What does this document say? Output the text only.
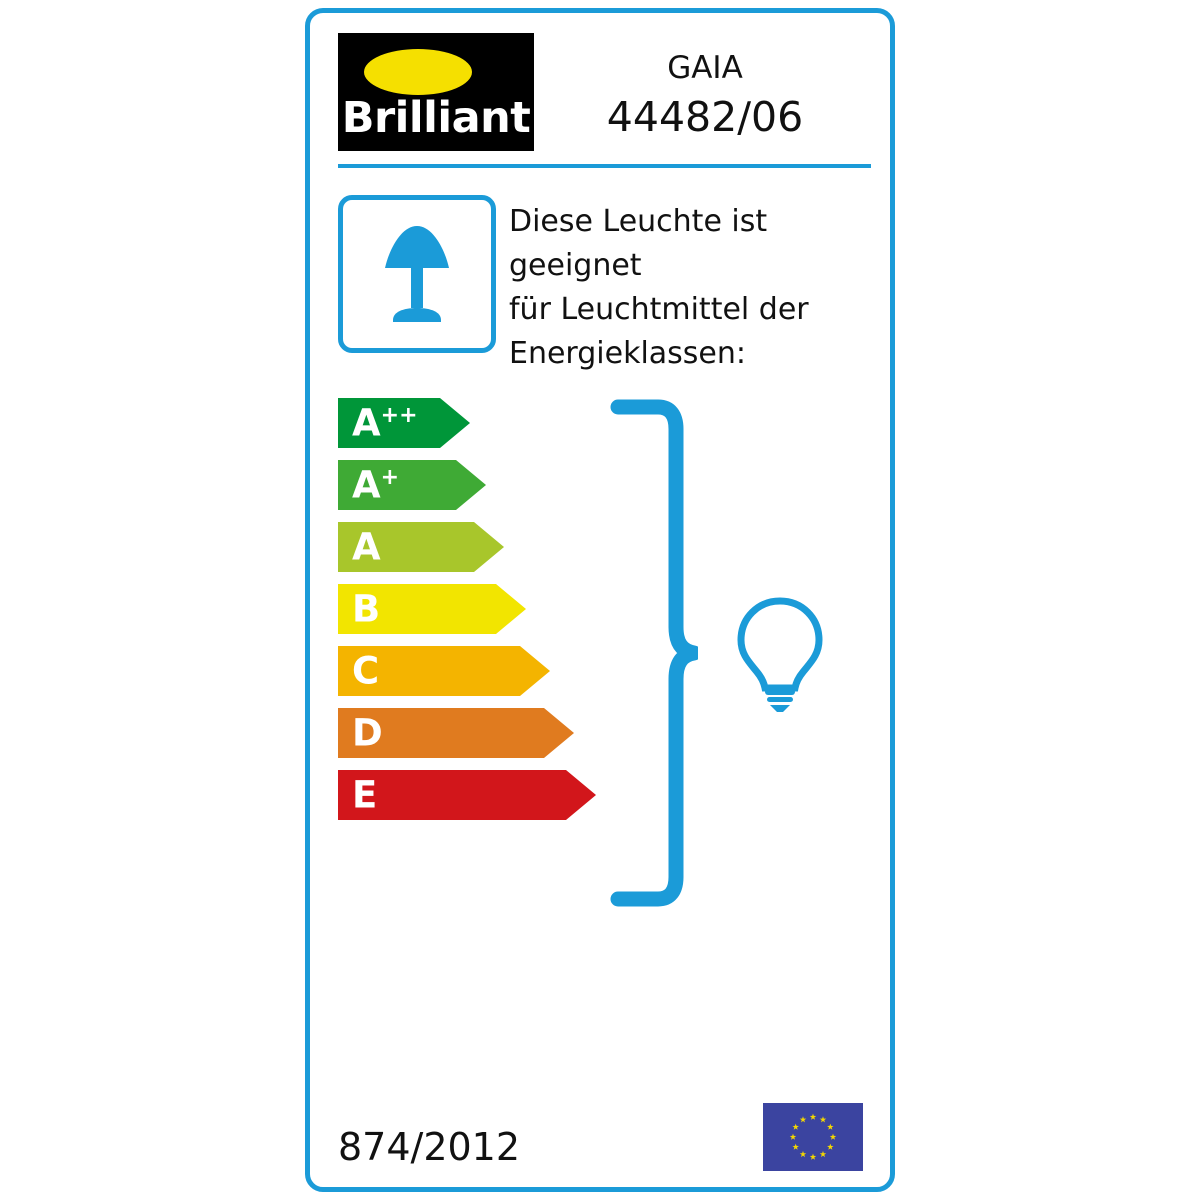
Brilliant
GAIA
44482/06
Diese Leuchte ist geeignet
für Leuchtmittel der
Energieklassen:
A++
A+
A
B
C
D
E
874/2012
